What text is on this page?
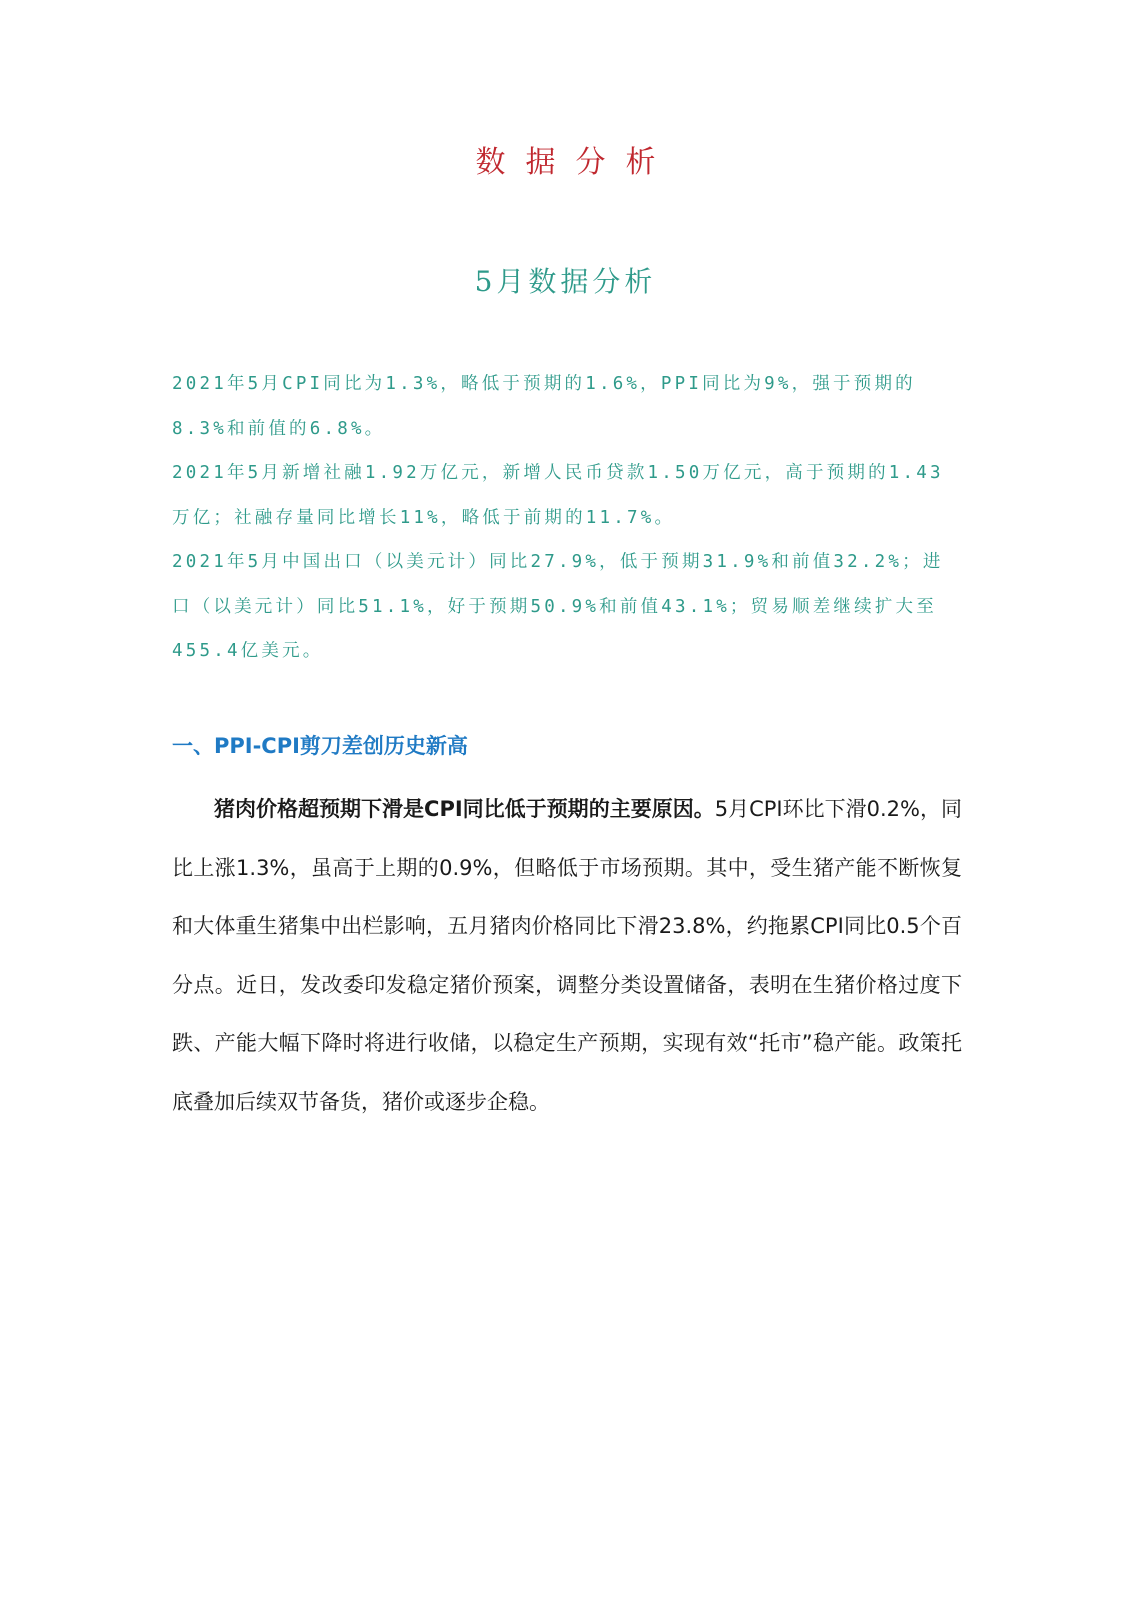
数据分析
5月数据分析

2021年5月CPI同比为1.3%，略低于预期的1.6%，PPI同比为9%，强于预期的8.3%和前值的6.8%。

2021年5月新增社融1.92万亿元，新增人民币贷款1.50万亿元，高于预期的1.43万亿；社融存量同比增长11%，略低于前期的11.7%。

2021年5月中国出口（以美元计）同比27.9%，低于预期31.9%和前值32.2%；进口（以美元计）同比51.1%，好于预期50.9%和前值43.1%；贸易顺差继续扩大至455.4亿美元。

一、PPI-CPI剪刀差创历史新高

猪肉价格超预期下滑是CPI同比低于预期的主要原因。5月CPI环比下滑0.2%，同比上涨1.3%，虽高于上期的0.9%，但略低于市场预期。其中，受生猪产能不断恢复和大体重生猪集中出栏影响，五月猪肉价格同比下滑23.8%，约拖累CPI同比0.5个百分点。近日，发改委印发稳定猪价预案，调整分类设置储备，表明在生猪价格过度下跌、产能大幅下降时将进行收储，以稳定生产预期，实现有效“托市”稳产能。政策托底叠加后续双节备货，猪价或逐步企稳。
